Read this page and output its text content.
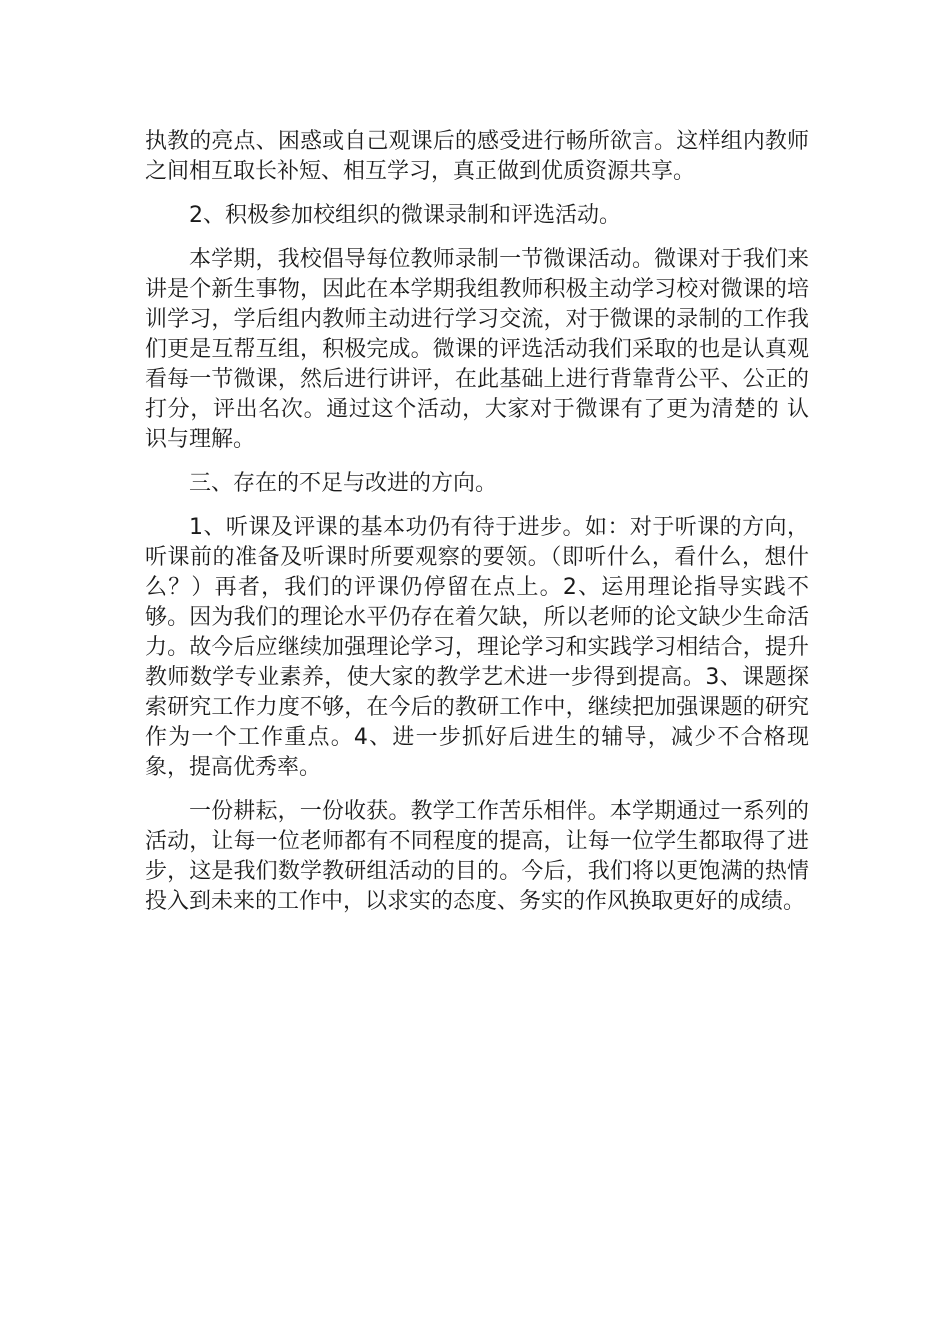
执教的亮点、困惑或自己观课后的感受进行畅所欲言。这样组内教师之间相互取长补短、相互学习，真正做到优质资源共享。

2、积极参加校组织的微课录制和评选活动。

本学期，我校倡导每位教师录制一节微课活动。微课对于我们来讲是个新生事物，因此在本学期我组教师积极主动学习校对微课的培训学习，学后组内教师主动进行学习交流，对于微课的录制的工作我们更是互帮互组，积极完成。微课的评选活动我们采取的也是认真观看每一节微课，然后进行讲评，在此基础上进行背靠背公平、公正的打分，评出名次。通过这个活动，大家对于微课有了更为清楚的 认识与理解。

三、存在的不足与改进的方向。

1、听课及评课的基本功仍有待于进步。如：对于听课的方向，听课前的准备及听课时所要观察的要领。（即听什么，看什么，想什么？）再者，我们的评课仍停留在点上。2、运用理论指导实践不够。因为我们的理论水平仍存在着欠缺，所以老师的论文缺少生命活力。故今后应继续加强理论学习，理论学习和实践学习相结合，提升教师数学专业素养，使大家的教学艺术进一步得到提高。3、课题探索研究工作力度不够，在今后的教研工作中，继续把加强课题的研究作为一个工作重点。4、进一步抓好后进生的辅导，减少不合格现象，提高优秀率。

一份耕耘，一份收获。教学工作苦乐相伴。本学期通过一系列的活动，让每一位老师都有不同程度的提高，让每一位学生都取得了进步，这是我们数学教研组活动的目的。今后，我们将以更饱满的热情投入到未来的工作中，以求实的态度、务实的作风换取更好的成绩。
